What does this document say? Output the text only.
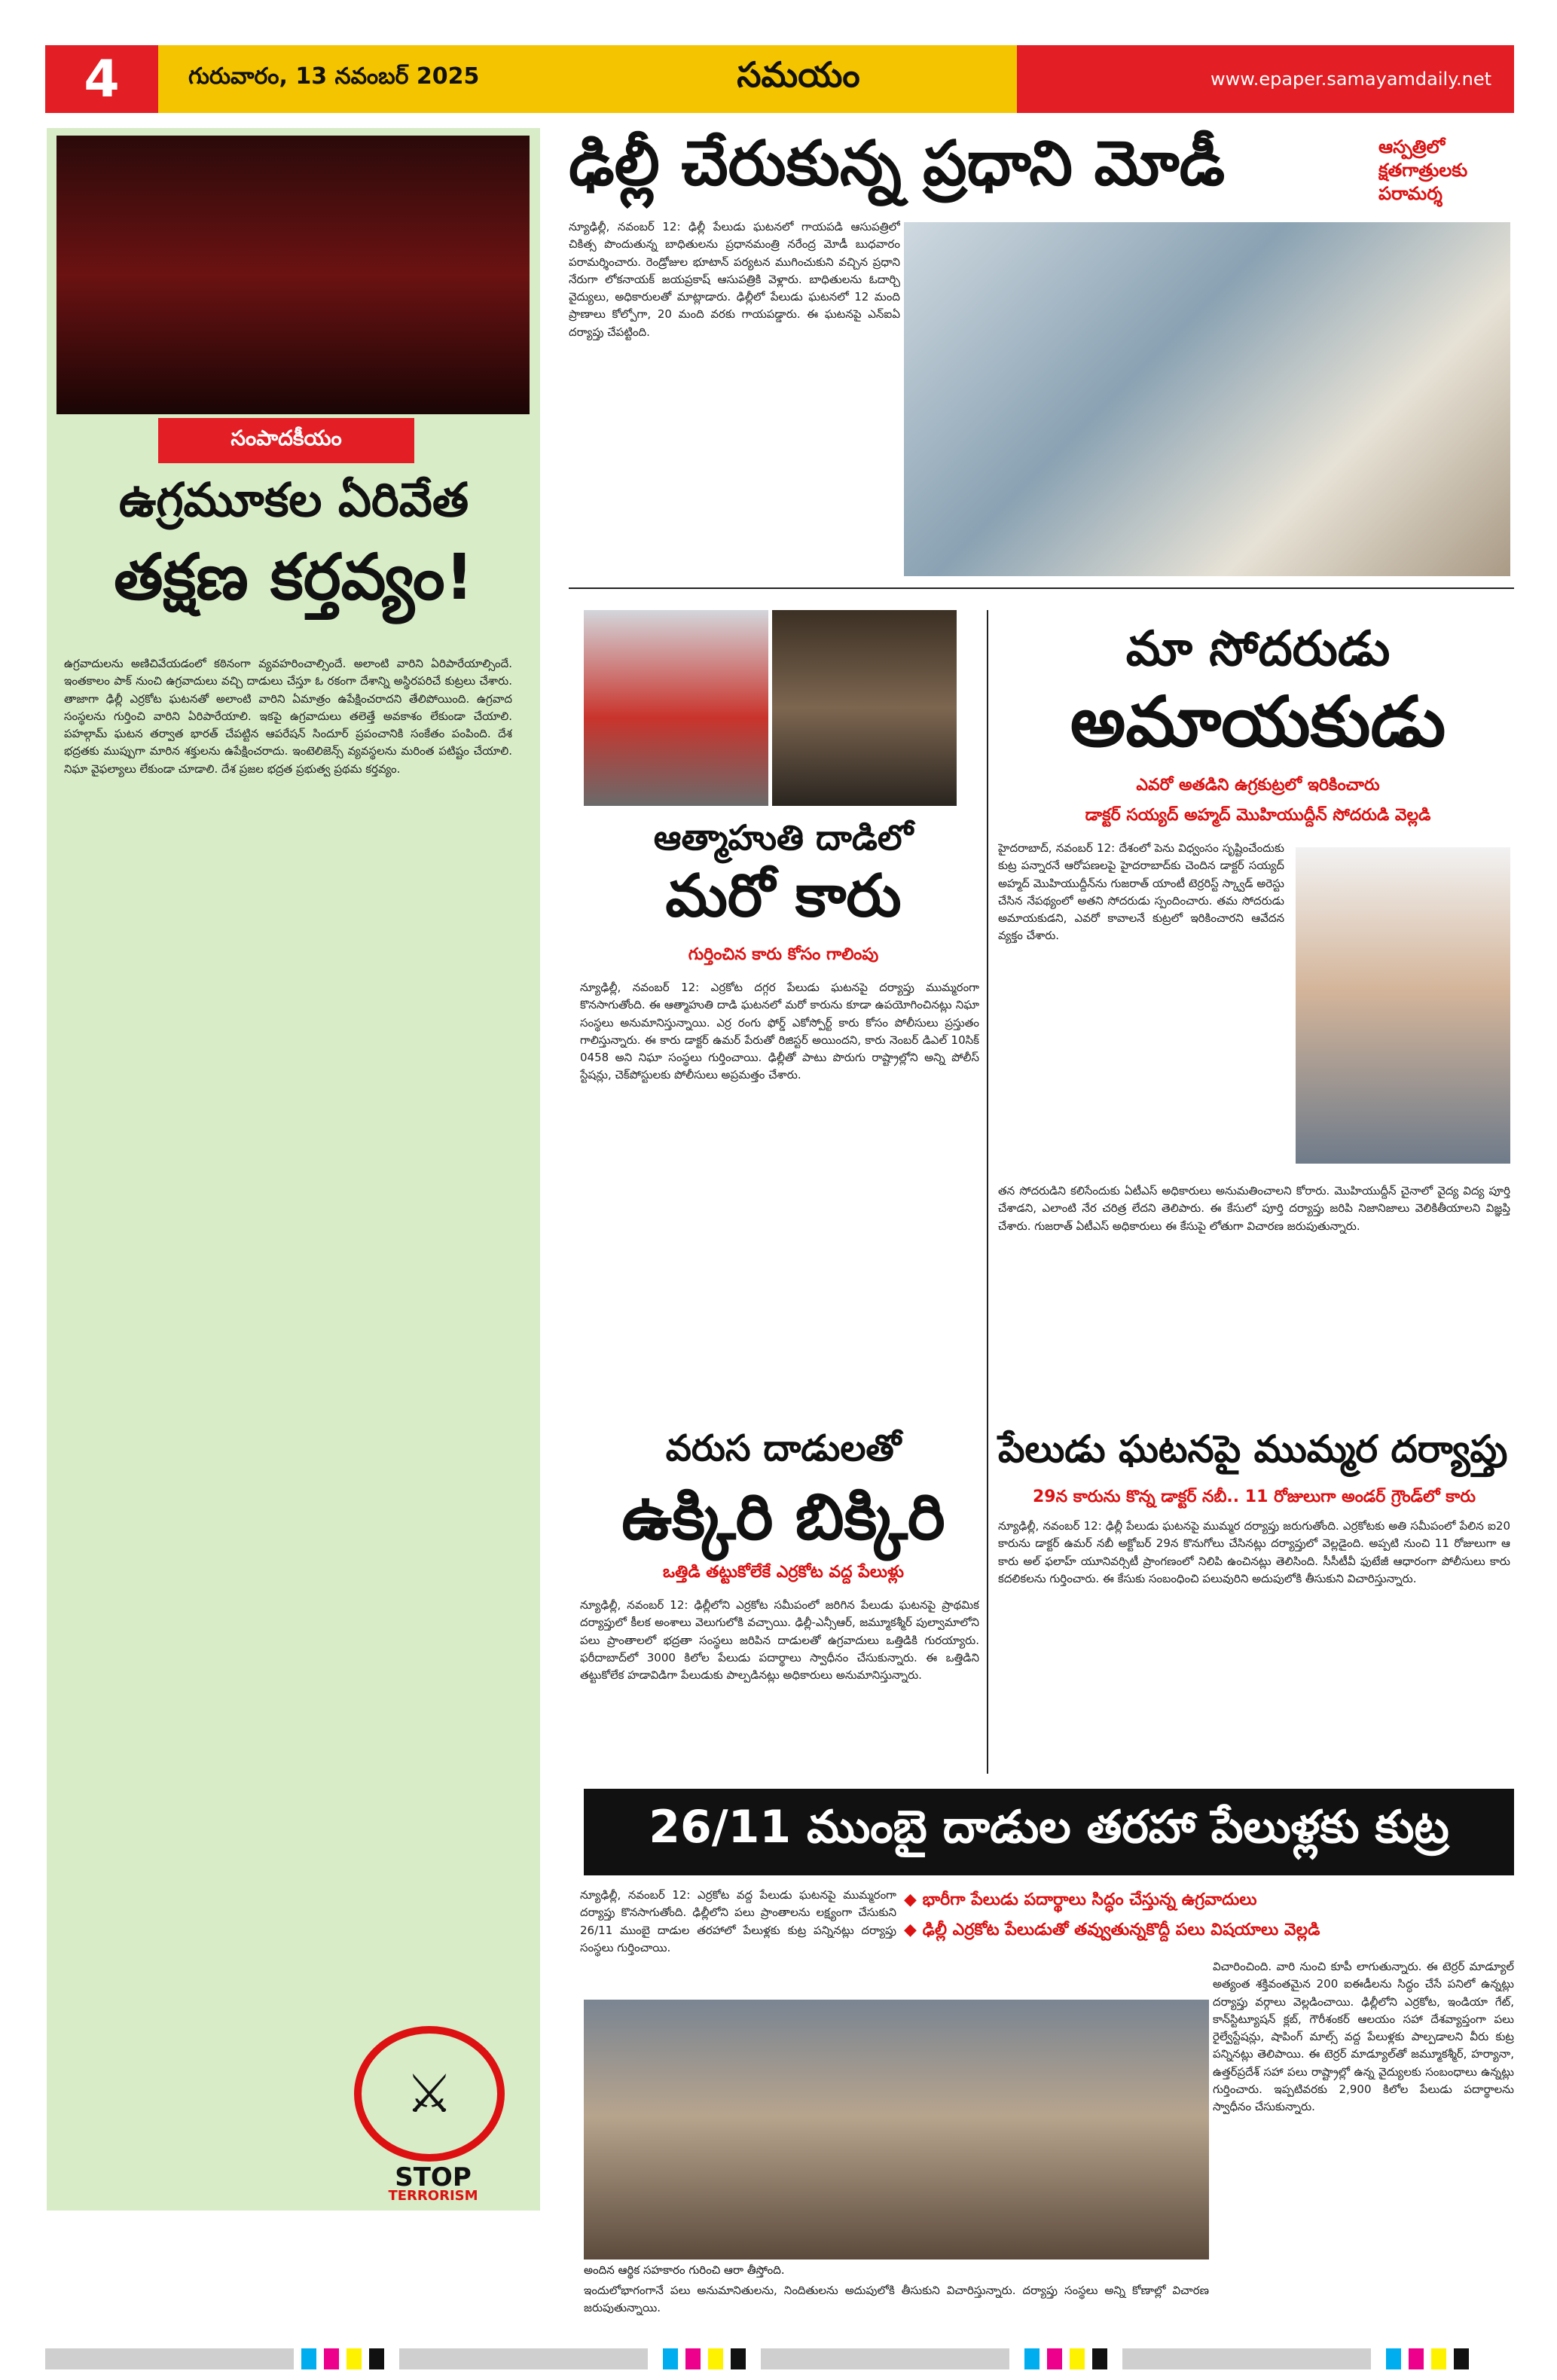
4	గురువారం, 13 నవంబర్ 2025	సమయం	www.epaper.samayamdaily.net
సంపాదకీయం
ఉగ్రమూకల ఏరివేత
తక్షణ కర్తవ్యం!
ఉగ్రవాదులను అణిచివేయడంలో కఠినంగా వ్యవహరించాల్సిందే. అలాంటి వారిని ఏరిపారేయాల్సిందే. ఇంతకాలం పాక్ నుంచి ఉగ్రవాదులు వచ్చి దాడులు చేస్తూ ఓ రకంగా దేశాన్ని అస్థిరపరిచే కుట్రలు చేశారు. తాజాగా ఢిల్లీ ఎర్రకోట ఘటనతో అలాంటి వారిని ఏమాత్రం ఉపేక్షించరాదని తేలిపోయింది. ఉగ్రవాద సంస్థలను గుర్తించి వారిని ఏరిపారేయాలి. ఇకపై ఉగ్రవాదులు తలెత్తే అవకాశం లేకుండా చేయాలి. పహల్గామ్ ఘటన తర్వాత భారత్ చేపట్టిన ఆపరేషన్ సిందూర్ ప్రపంచానికి సంకేతం పంపింది. దేశ భద్రతకు ముప్పుగా మారిన శక్తులను ఉపేక్షించరాదు. ఇంటెలిజెన్స్ వ్యవస్థలను మరింత పటిష్టం చేయాలి. నిఘా వైఫల్యాలు లేకుండా చూడాలి. దేశ ప్రజల భద్రత ప్రభుత్వ ప్రథమ కర్తవ్యం.
⚔
STOP
TERRORISM
ఢిల్లీ చేరుకున్న ప్రధాని మోడీ	ఆస్పత్రిలో క్షతగాత్రులకు పరామర్శ
న్యూఢిల్లీ, నవంబర్ 12: ఢిల్లీ పేలుడు ఘటనలో గాయపడి ఆసుపత్రిలో చికిత్స పొందుతున్న బాధితులను ప్రధానమంత్రి నరేంద్ర మోడీ బుధవారం పరామర్శించారు. రెండ్రోజుల భూటాన్ పర్యటన ముగించుకుని వచ్చిన ప్రధాని నేరుగా లోకనాయక్ జయప్రకాష్ ఆసుపత్రికి వెళ్లారు. బాధితులను ఓదార్చి వైద్యులు, అధికారులతో మాట్లాడారు. ఢిల్లీలో పేలుడు ఘటనలో 12 మంది ప్రాణాలు కోల్పోగా, 20 మంది వరకు గాయపడ్డారు. ఈ ఘటనపై ఎన్ఐఏ దర్యాప్తు చేపట్టింది.
ఆత్మాహుతి దాడిలో
మరో కారు
గుర్తించిన కారు కోసం గాలింపు
న్యూఢిల్లీ, నవంబర్ 12: ఎర్రకోట దగ్గర పేలుడు ఘటనపై దర్యాప్తు ముమ్మరంగా కొనసాగుతోంది. ఈ ఆత్మాహుతి దాడి ఘటనలో మరో కారును కూడా ఉపయోగించినట్లు నిఘా సంస్థలు అనుమానిస్తున్నాయి. ఎర్ర రంగు ఫోర్డ్ ఎకోస్పోర్ట్ కారు కోసం పోలీసులు ప్రస్తుతం గాలిస్తున్నారు. ఈ కారు డాక్టర్ ఉమర్ పేరుతో రిజిస్టర్ అయిందని, కారు నెంబర్ డిఎల్ 10సిక్ 0458 అని నిఘా సంస్థలు గుర్తించాయి. ఢిల్లీతో పాటు పొరుగు రాష్ట్రాల్లోని అన్ని పోలీస్ స్టేషన్లు, చెక్‌పోస్టులకు పోలీసులు అప్రమత్తం చేశారు.
వరుస దాడులతో
ఉక్కిరి బిక్కిరి
ఒత్తిడి తట్టుకోలేకే ఎర్రకోట వద్ద పేలుళ్లు
న్యూఢిల్లీ, నవంబర్ 12: ఢిల్లీలోని ఎర్రకోట సమీపంలో జరిగిన పేలుడు ఘటనపై ప్రాథమిక దర్యాప్తులో కీలక అంశాలు వెలుగులోకి వచ్చాయి. ఢిల్లీ-ఎన్సీఆర్, జమ్మూకశ్మీర్ పుల్వామాలోని పలు ప్రాంతాలలో భద్రతా సంస్థలు జరిపిన దాడులతో ఉగ్రవాదులు ఒత్తిడికి గురయ్యారు. ఫరీదాబాద్‌లో 3000 కిలోల పేలుడు పదార్థాలు స్వాధీనం చేసుకున్నారు. ఈ ఒత్తిడిని తట్టుకోలేక హడావిడిగా పేలుడుకు పాల్పడినట్లు అధికారులు అనుమానిస్తున్నారు.
మా సోదరుడు
అమాయకుడు
ఎవరో అతడిని ఉగ్రకుట్రలో ఇరికించారు
డాక్టర్ సయ్యద్ అహ్మద్ మొహియుద్దీన్ సోదరుడి వెల్లడి
హైదరాబాద్, నవంబర్ 12: దేశంలో పెను విధ్వంసం సృష్టించేందుకు కుట్ర పన్నారనే ఆరోపణలపై హైదరాబాద్‌కు చెందిన డాక్టర్ సయ్యద్ అహ్మద్ మొహియుద్దీన్‌ను గుజరాత్ యాంటీ టెర్రరిస్ట్ స్క్వాడ్ అరెస్టు చేసిన నేపథ్యంలో అతని సోదరుడు స్పందించారు. తమ సోదరుడు అమాయకుడని, ఎవరో కావాలనే కుట్రలో ఇరికించారని ఆవేదన వ్యక్తం చేశారు.
తన సోదరుడిని కలిసేందుకు ఏటీఎస్ అధికారులు అనుమతించాలని కోరారు. మొహియుద్దీన్ చైనాలో వైద్య విద్య పూర్తి చేశాడని, ఎలాంటి నేర చరిత్ర లేదని తెలిపారు. ఈ కేసులో పూర్తి దర్యాప్తు జరిపి నిజానిజాలు వెలికితీయాలని విజ్ఞప్తి చేశారు. గుజరాత్ ఏటీఎస్ అధికారులు ఈ కేసుపై లోతుగా విచారణ జరుపుతున్నారు.
పేలుడు ఘటనపై ముమ్మర దర్యాప్తు
29న కారును కొన్న డాక్టర్ నబీ.. 11 రోజులుగా అండర్ గ్రౌండ్‌లో కారు
న్యూఢిల్లీ, నవంబర్ 12: ఢిల్లీ పేలుడు ఘటనపై ముమ్మర దర్యాప్తు జరుగుతోంది. ఎర్రకోటకు అతి సమీపంలో పేలిన ఐ20 కారును డాక్టర్ ఉమర్ నబీ అక్టోబర్ 29న కొనుగోలు చేసినట్లు దర్యాప్తులో వెల్లడైంది. అప్పటి నుంచి 11 రోజులుగా ఆ కారు అల్ ఫలాహ్ యూనివర్సిటీ ప్రాంగణంలో నిలిపి ఉంచినట్లు తెలిసింది. సీసీటీవీ ఫుటేజీ ఆధారంగా పోలీసులు కారు కదలికలను గుర్తించారు. ఈ కేసుకు సంబంధించి పలువురిని అదుపులోకి తీసుకుని విచారిస్తున్నారు.
26/11 ముంబై దాడుల తరహా పేలుళ్లకు కుట్ర
◆ భారీగా పేలుడు పదార్థాలు సిద్ధం చేస్తున్న ఉగ్రవాదులు
◆ ఢిల్లీ ఎర్రకోట పేలుడుతో తవ్వుతున్నకొద్దీ పలు విషయాలు వెల్లడి
న్యూఢిల్లీ, నవంబర్ 12: ఎర్రకోట వద్ద పేలుడు ఘటనపై ముమ్మరంగా దర్యాప్తు కొనసాగుతోంది. ఢిల్లీలోని పలు ప్రాంతాలను లక్ష్యంగా చేసుకుని 26/11 ముంబై దాడుల తరహాలో పేలుళ్లకు కుట్ర పన్నినట్లు దర్యాప్తు సంస్థలు గుర్తించాయి.
విచారించింది. వారి నుంచి కూపీ లాగుతున్నారు. ఈ టెర్రర్ మాడ్యూల్ అత్యంత శక్తివంతమైన 200 ఐఈడీలను సిద్ధం చేసే పనిలో ఉన్నట్లు దర్యాప్తు వర్గాలు వెల్లడించాయి. ఢిల్లీలోని ఎర్రకోట, ఇండియా గేట్, కాన్‌స్టిట్యూషన్ క్లబ్, గౌరీశంకర్ ఆలయం సహా దేశవ్యాప్తంగా పలు రైల్వేస్టేషన్లు, షాపింగ్ మాల్స్ వద్ద పేలుళ్లకు పాల్పడాలని వీరు కుట్ర పన్నినట్లు తెలిపాయి. ఈ టెర్రర్ మాడ్యూల్‌తో జమ్మూకశ్మీర్, హర్యానా, ఉత్తర్‌ప్రదేశ్ సహా పలు రాష్ట్రాల్లో ఉన్న వైద్యులకు సంబంధాలు ఉన్నట్లు గుర్తించారు. ఇప్పటివరకు 2,900 కిలోల పేలుడు పదార్థాలను స్వాధీనం చేసుకున్నారు.
అందిన ఆర్థిక సహకారం గురించి ఆరా తీస్తోంది.
ఇందులోభాగంగానే పలు అనుమానితులను, నిందితులను అదుపులోకి తీసుకుని విచారిస్తున్నారు. దర్యాప్తు సంస్థలు అన్ని కోణాల్లో విచారణ జరుపుతున్నాయి.
